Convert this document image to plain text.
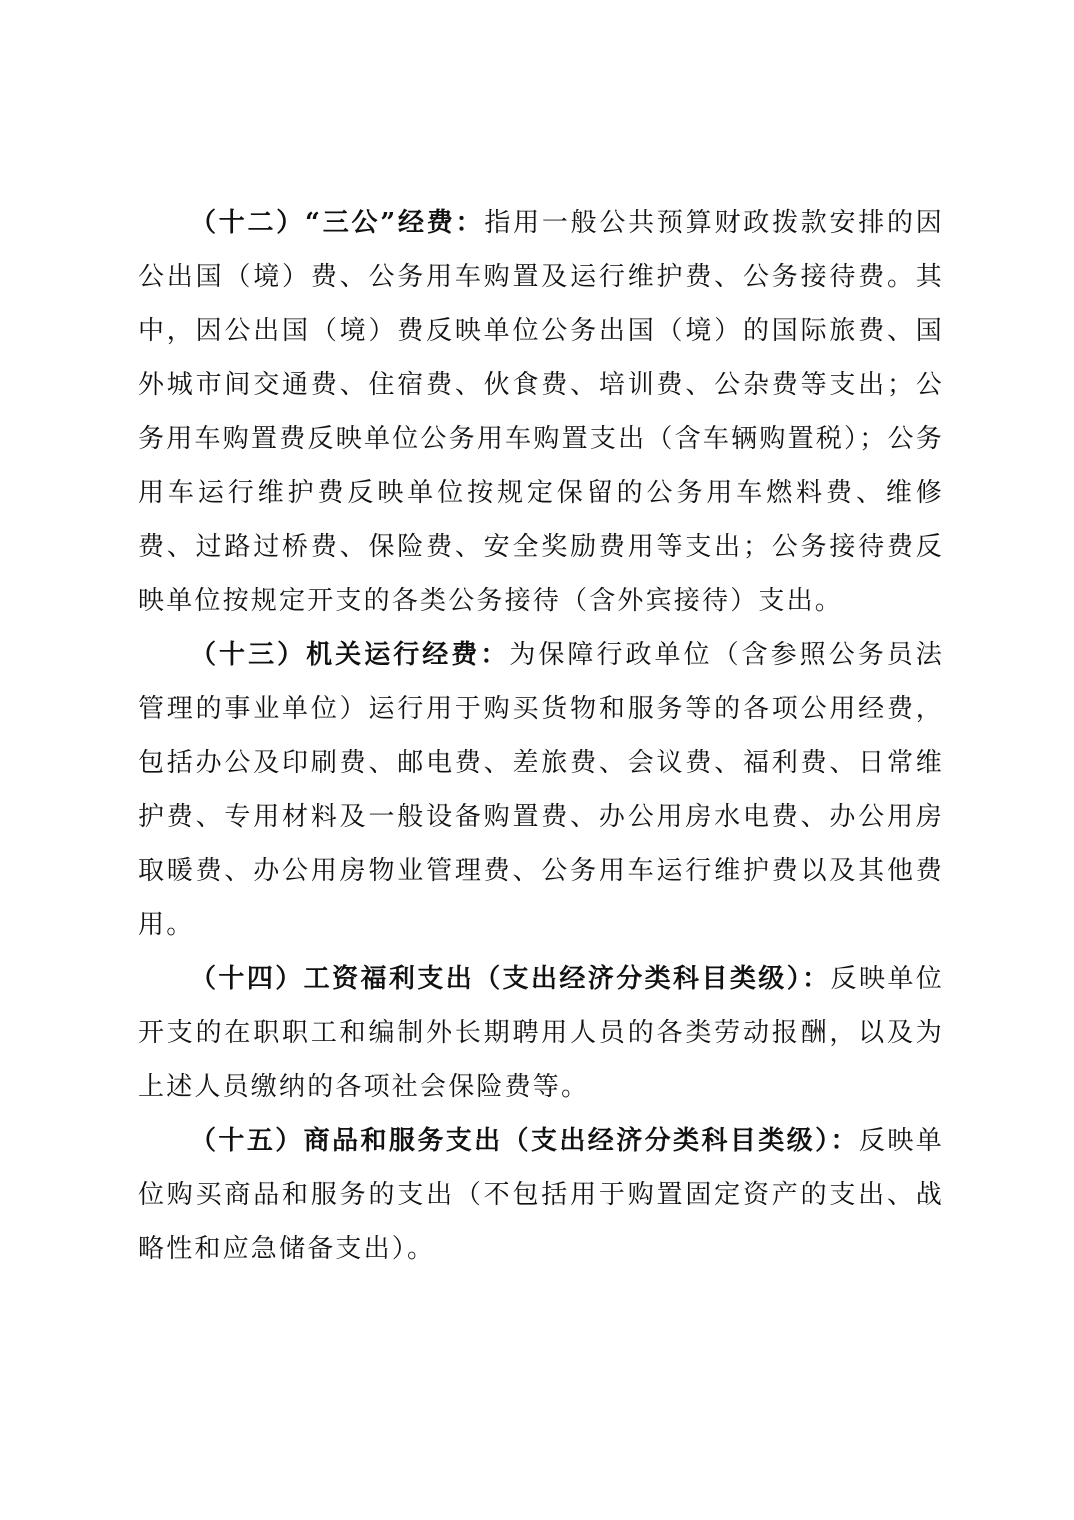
（十二）“三公”经费：指用一般公共预算财政拨款安排的因公出国（境）费、公务用车购置及运行维护费、公务接待费。其中，因公出国（境）费反映单位公务出国（境）的国际旅费、国外城市间交通费、住宿费、伙食费、培训费、公杂费等支出；公务用车购置费反映单位公务用车购置支出（含车辆购置税）；公务用车运行维护费反映单位按规定保留的公务用车燃料费、维修费、过路过桥费、保险费、安全奖励费用等支出；公务接待费反映单位按规定开支的各类公务接待（含外宾接待）支出。

（十三）机关运行经费：为保障行政单位（含参照公务员法管理的事业单位）运行用于购买货物和服务等的各项公用经费，包括办公及印刷费、邮电费、差旅费、会议费、福利费、日常维护费、专用材料及一般设备购置费、办公用房水电费、办公用房取暖费、办公用房物业管理费、公务用车运行维护费以及其他费用。

（十四）工资福利支出（支出经济分类科目类级）：反映单位开支的在职职工和编制外长期聘用人员的各类劳动报酬，以及为上述人员缴纳的各项社会保险费等。

（十五）商品和服务支出（支出经济分类科目类级）：反映单位购买商品和服务的支出（不包括用于购置固定资产的支出、战略性和应急储备支出）。
